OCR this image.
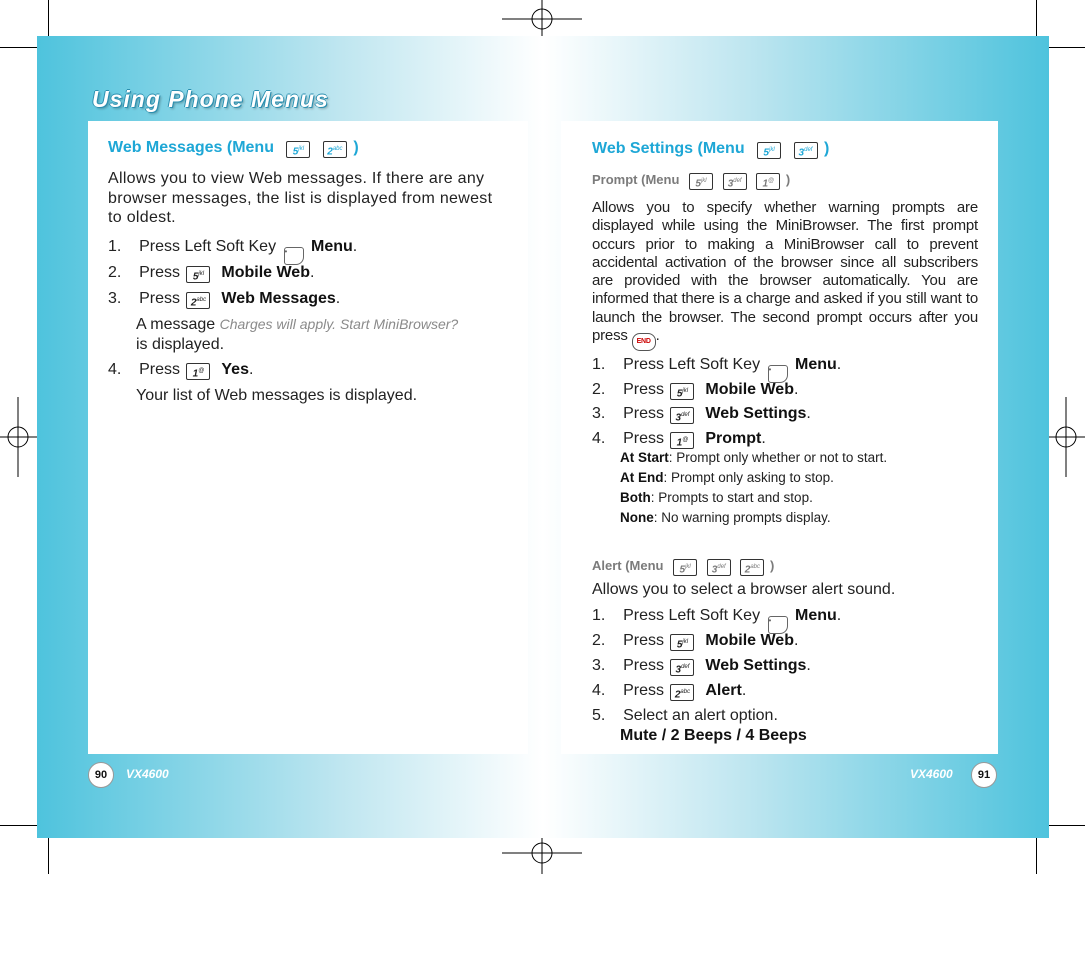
Using Phone Menus
Web Messages (Menu $5^{jkl}$ $2^{abc}$ )
Allows you to view Web messages. If there are any browser messages, the list is displayed from newest to oldest.
1. Press Left Soft Key • Menu.
2. Press $5^{jkl}$ Mobile Web.
3. Press $2^{abc}$ Web Messages.
A message Charges will apply. Start MiniBrowser?
is displayed.
4. Press 1@ Yes.
Your list of Web messages is displayed.
Web Settings (Menu $5^{jkl}$ $3^{def}$ )
Prompt (Menu $5^{jkl}$ $3^{def}$ 1@ )
Allows you to specify whether warning prompts are displayed while using the MiniBrowser. The first prompt occurs prior to making a MiniBrowser call to prevent accidental activation of the browser since all subscribers are provided with the browser automatically. You are informed that there is a charge and asked if you still want to launch the browser. The second prompt occurs after you press END .
1. Press Left Soft Key • Menu.
2. Press $5^{jkl}$ Mobile Web.
3. Press $3^{def}$ Web Settings.
4. Press 1@ Prompt.
At Start: Prompt only whether or not to start.
At End: Prompt only asking to stop.
Both: Prompts to start and stop.
None: No warning prompts display.
Alert (Menu $5^{jkl}$ $3^{def}$ $2^{abc}$ )
Allows you to select a browser alert sound.
1. Press Left Soft Key • Menu.
2. Press $5^{jkl}$ Mobile Web.
3. Press $3^{def}$ Web Settings.
4. Press $2^{abc}$ Alert.
5. Select an alert option.
Mute / 2 Beeps / 4 Beeps
90	VX4600	VX4600	91
